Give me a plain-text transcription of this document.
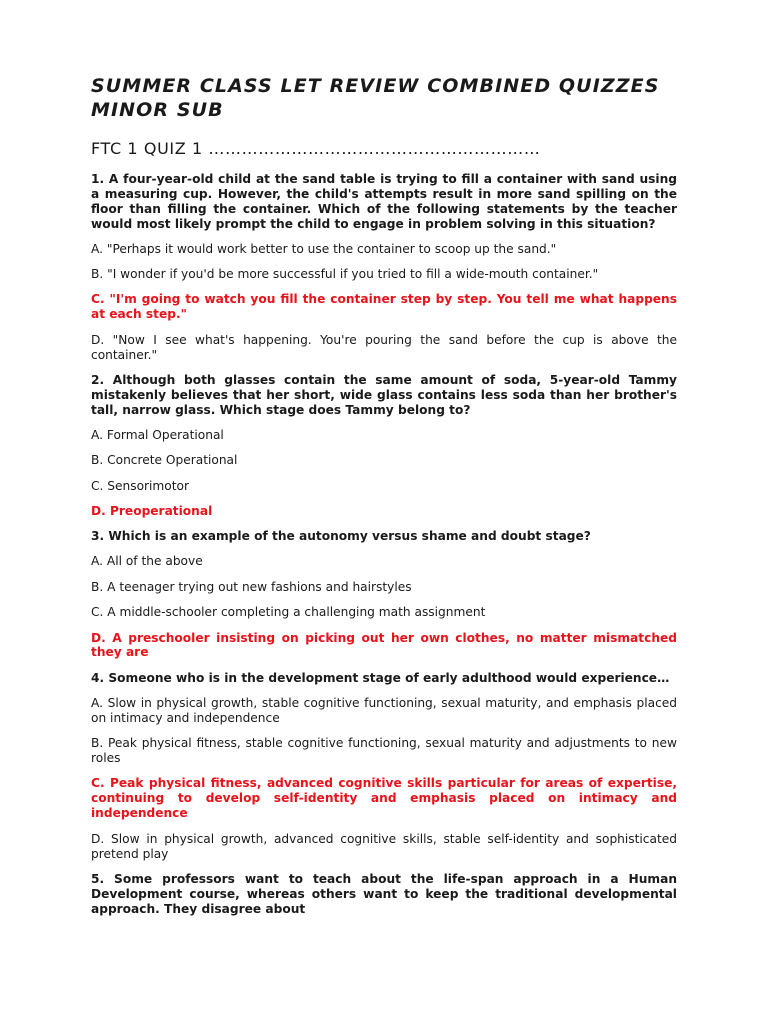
SUMMER CLASS LET REVIEW COMBINED QUIZZES MINOR SUB
FTC 1 QUIZ 1 ……………………………………………………

1. A four-year-old child at the sand table is trying to fill a container with sand using a measuring cup. However, the child's attempts result in more sand spilling on the floor than filling the container. Which of the following statements by the teacher would most likely prompt the child to engage in problem solving in this situation?

A. "Perhaps it would work better to use the container to scoop up the sand."

B. "I wonder if you'd be more successful if you tried to fill a wide-mouth container."

C. "I'm going to watch you fill the container step by step. You tell me what happens at each step."

D. "Now I see what's happening. You're pouring the sand before the cup is above the container."

2. Although both glasses contain the same amount of soda, 5-year-old Tammy mistakenly believes that her short, wide glass contains less soda than her brother's tall, narrow glass. Which stage does Tammy belong to?

A. Formal Operational

B. Concrete Operational

C. Sensorimotor

D. Preoperational

3. Which is an example of the autonomy versus shame and doubt stage?

A. All of the above

B. A teenager trying out new fashions and hairstyles

C. A middle-schooler completing a challenging math assignment

D. A preschooler insisting on picking out her own clothes, no matter mismatched they are

4. Someone who is in the development stage of early adulthood would experience…

A. Slow in physical growth, stable cognitive functioning, sexual maturity, and emphasis placed on intimacy and independence

B. Peak physical fitness, stable cognitive functioning, sexual maturity and adjustments to new roles

C. Peak physical fitness, advanced cognitive skills particular for areas of expertise, continuing to develop self-identity and emphasis placed on intimacy and independence

D. Slow in physical growth, advanced cognitive skills, stable self-identity and sophisticated pretend play

5. Some professors want to teach about the life-span approach in a Human Development course, whereas others want to keep the traditional developmental approach. They disagree about
